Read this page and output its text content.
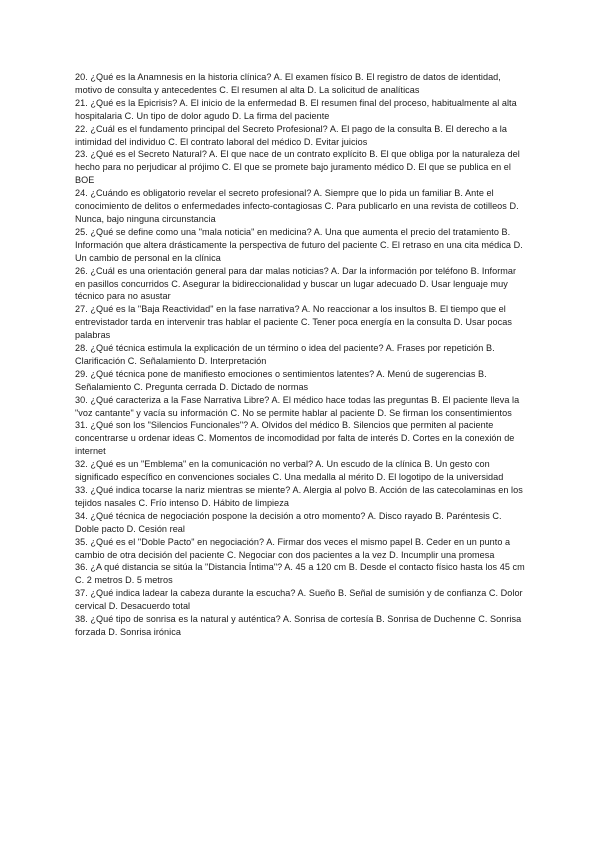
20. ¿Qué es la Anamnesis en la historia clínica? A. El examen físico B. El registro de datos de identidad, motivo de consulta y antecedentes C. El resumen al alta D. La solicitud de analíticas

21. ¿Qué es la Epicrisis? A. El inicio de la enfermedad B. El resumen final del proceso, habitualmente al alta hospitalaria C. Un tipo de dolor agudo D. La firma del paciente

22. ¿Cuál es el fundamento principal del Secreto Profesional? A. El pago de la consulta B. El derecho a la intimidad del individuo C. El contrato laboral del médico D. Evitar juicios

23. ¿Qué es el Secreto Natural? A. El que nace de un contrato explícito B. El que obliga por la naturaleza del hecho para no perjudicar al prójimo C. El que se promete bajo juramento médico D. El que se publica en el BOE

24. ¿Cuándo es obligatorio revelar el secreto profesional? A. Siempre que lo pida un familiar B. Ante el conocimiento de delitos o enfermedades infecto-contagiosas C. Para publicarlo en una revista de cotilleos D. Nunca, bajo ninguna circunstancia

25. ¿Qué se define como una "mala noticia" en medicina? A. Una que aumenta el precio del tratamiento B. Información que altera drásticamente la perspectiva de futuro del paciente C. El retraso en una cita médica D. Un cambio de personal en la clínica

26. ¿Cuál es una orientación general para dar malas noticias? A. Dar la información por teléfono B. Informar en pasillos concurridos C. Asegurar la bidireccionalidad y buscar un lugar adecuado D. Usar lenguaje muy técnico para no asustar

27. ¿Qué es la "Baja Reactividad" en la fase narrativa? A. No reaccionar a los insultos B. El tiempo que el entrevistador tarda en intervenir tras hablar el paciente C. Tener poca energía en la consulta D. Usar pocas palabras

28. ¿Qué técnica estimula la explicación de un término o idea del paciente? A. Frases por repetición B. Clarificación C. Señalamiento D. Interpretación

29. ¿Qué técnica pone de manifiesto emociones o sentimientos latentes? A. Menú de sugerencias B. Señalamiento C. Pregunta cerrada D. Dictado de normas

30. ¿Qué caracteriza a la Fase Narrativa Libre? A. El médico hace todas las preguntas B. El paciente lleva la "voz cantante" y vacía su información C. No se permite hablar al paciente D. Se firman los consentimientos

31. ¿Qué son los "Silencios Funcionales"? A. Olvidos del médico B. Silencios que permiten al paciente concentrarse u ordenar ideas C. Momentos de incomodidad por falta de interés D. Cortes en la conexión de internet

32. ¿Qué es un "Emblema" en la comunicación no verbal? A. Un escudo de la clínica B. Un gesto con significado específico en convenciones sociales C. Una medalla al mérito D. El logotipo de la universidad

33. ¿Qué indica tocarse la nariz mientras se miente? A. Alergia al polvo B. Acción de las catecolaminas en los tejidos nasales C. Frío intenso D. Hábito de limpieza

34. ¿Qué técnica de negociación pospone la decisión a otro momento? A. Disco rayado B. Paréntesis C. Doble pacto D. Cesión real

35. ¿Qué es el "Doble Pacto" en negociación? A. Firmar dos veces el mismo papel B. Ceder en un punto a cambio de otra decisión del paciente C. Negociar con dos pacientes a la vez D. Incumplir una promesa

36. ¿A qué distancia se sitúa la "Distancia Íntima"? A. 45 a 120 cm B. Desde el contacto físico hasta los 45 cm C. 2 metros D. 5 metros

37. ¿Qué indica ladear la cabeza durante la escucha? A. Sueño B. Señal de sumisión y de confianza C. Dolor cervical D. Desacuerdo total

38. ¿Qué tipo de sonrisa es la natural y auténtica? A. Sonrisa de cortesía B. Sonrisa de Duchenne C. Sonrisa forzada D. Sonrisa irónica
